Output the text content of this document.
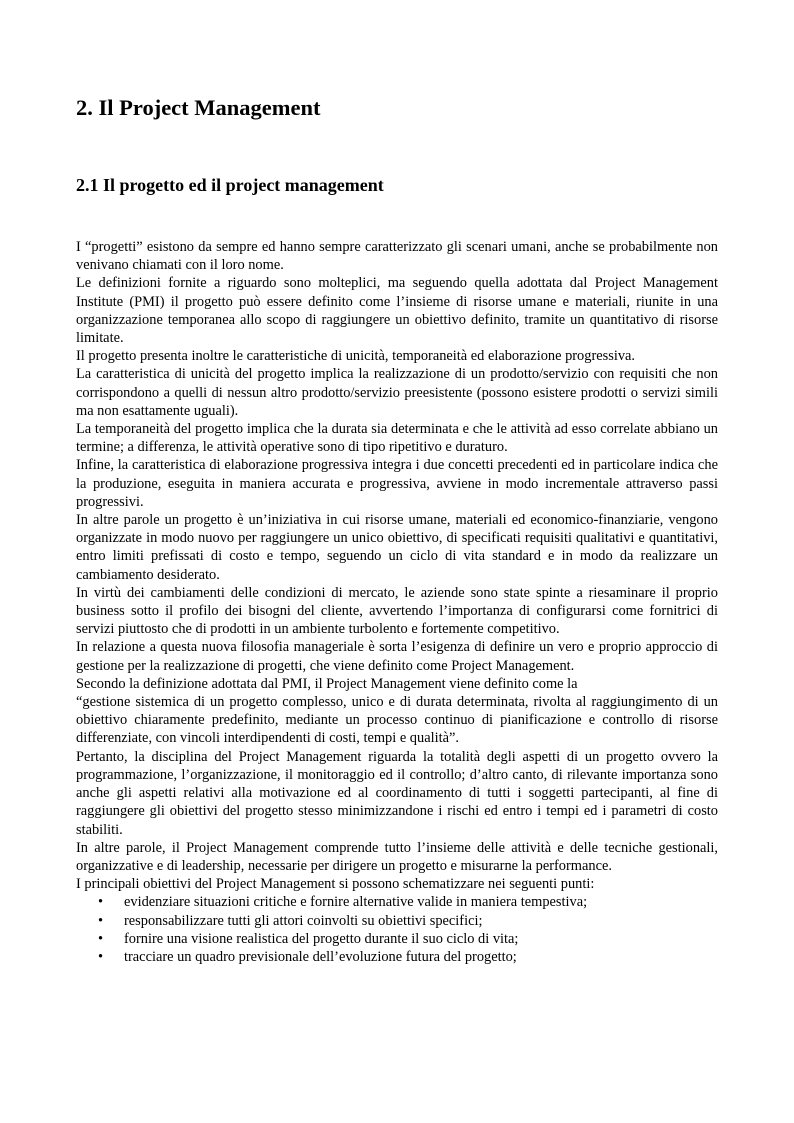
2. Il Project Management
2.1 Il progetto ed il project management

I “progetti” esistono da sempre ed hanno sempre caratterizzato gli scenari umani, anche se probabilmente non venivano chiamati con il loro nome.

Le definizioni fornite a riguardo sono molteplici, ma seguendo quella adottata dal Project Management Institute (PMI) il progetto può essere definito come l’insieme di risorse umane e materiali, riunite in una organizzazione temporanea allo scopo di raggiungere un obiettivo definito, tramite un quantitativo di risorse limitate.

Il progetto presenta inoltre le caratteristiche di unicità, temporaneità ed elaborazione progressiva.

La caratteristica di unicità del progetto implica la realizzazione di un prodotto/servizio con requisiti che non corrispondono a quelli di nessun altro prodotto/servizio preesistente (possono esistere prodotti o servizi simili ma non esattamente uguali).

La temporaneità del progetto implica che la durata sia determinata e che le attività ad esso correlate abbiano un termine; a differenza, le attività operative sono di tipo ripetitivo e duraturo.

Infine, la caratteristica di elaborazione progressiva integra i due concetti precedenti ed in particolare indica che la produzione, eseguita in maniera accurata e progressiva, avviene in modo incrementale attraverso passi progressivi.

In altre parole un progetto è un’iniziativa in cui risorse umane, materiali ed economico-finanziarie, vengono organizzate in modo nuovo per raggiungere un unico obiettivo, di specificati requisiti qualitativi e quantitativi, entro limiti prefissati di costo e tempo, seguendo un ciclo di vita standard e in modo da realizzare un cambiamento desiderato.

In virtù dei cambiamenti delle condizioni di mercato, le aziende sono state spinte a riesaminare il proprio business sotto il profilo dei bisogni del cliente, avvertendo l’importanza di configurarsi come fornitrici di servizi piuttosto che di prodotti in un ambiente turbolento e fortemente competitivo.

In relazione a questa nuova filosofia manageriale è sorta l’esigenza di definire un vero e proprio approccio di gestione per la realizzazione di progetti, che viene definito come Project Management.

Secondo la definizione adottata dal PMI, il Project Management viene definito come la

“gestione sistemica di un progetto complesso, unico e di durata determinata, rivolta al raggiungimento di un obiettivo chiaramente predefinito, mediante un processo continuo di pianificazione e controllo di risorse differenziate, con vincoli interdipendenti di costi, tempi e qualità”.

Pertanto, la disciplina del Project Management riguarda la totalità degli aspetti di un progetto ovvero la programmazione, l’organizzazione, il monitoraggio ed il controllo; d’altro canto, di rilevante importanza sono anche gli aspetti relativi alla motivazione ed al coordinamento di tutti i soggetti partecipanti, al fine di raggiungere gli obiettivi del progetto stesso minimizzandone i rischi ed entro i tempi ed i parametri di costo stabiliti.

In altre parole, il Project Management comprende tutto l’insieme delle attività e delle tecniche gestionali, organizzative e di leadership, necessarie per dirigere un progetto e misurarne la performance.

I principali obiettivi del Project Management si possono schematizzare nei seguenti punti:

• evidenziare situazioni critiche e fornire alternative valide in maniera tempestiva;
• responsabilizzare tutti gli attori coinvolti su obiettivi specifici;
• fornire una visione realistica del progetto durante il suo ciclo di vita;
• tracciare un quadro previsionale dell’evoluzione futura del progetto;
